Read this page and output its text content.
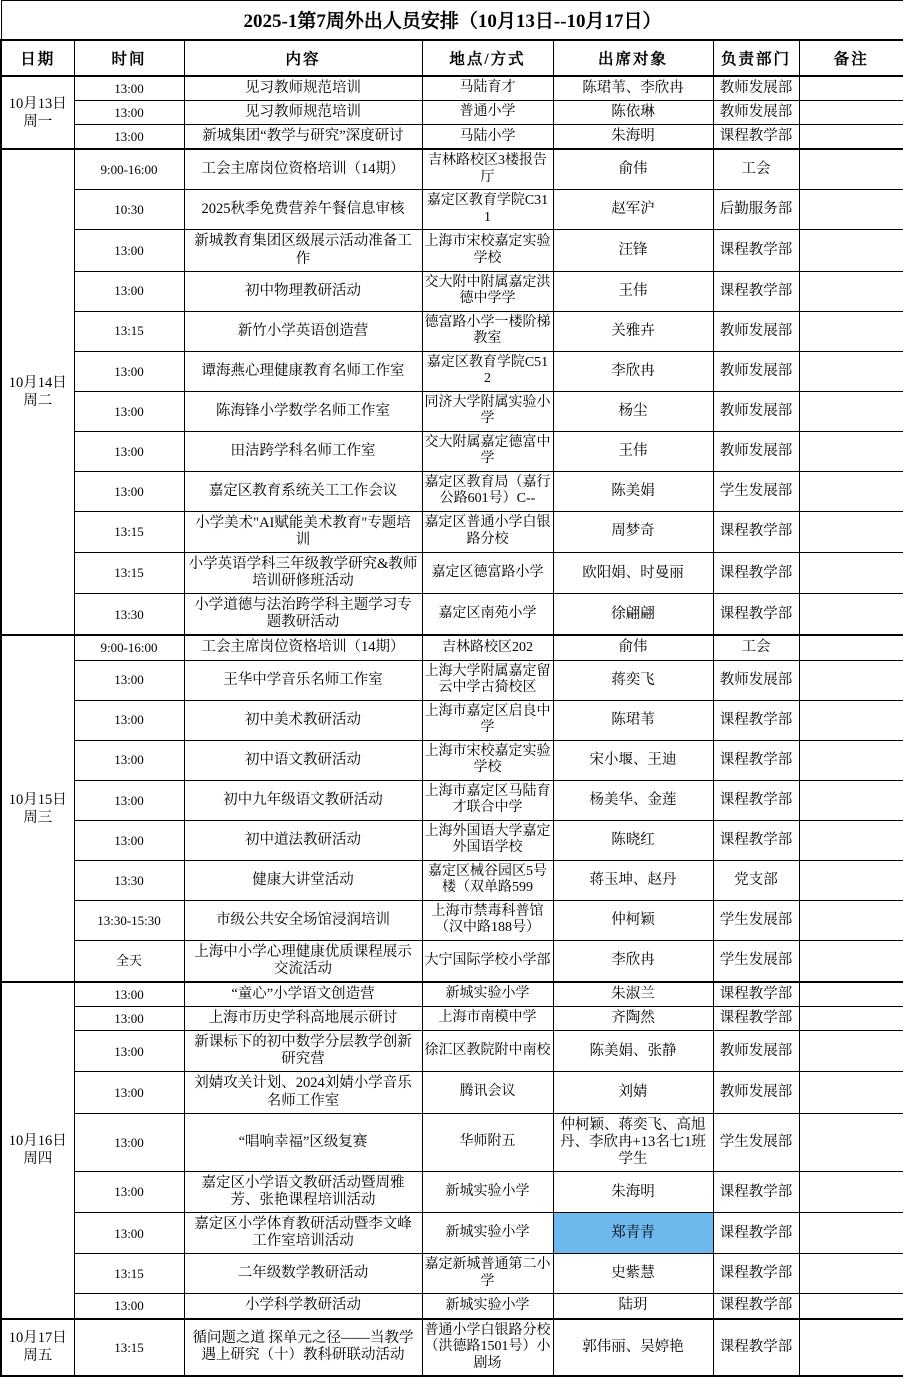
2025-1第7周外出人员安排（10月13日--10月17日）						
日期	时间	内容	地点/方式	出席对象	负责部门	备注
10月13日
周一	13:00	见习教师规范培训	马陆育才	陈珺苇、李欣冉	教师发展部	
	13:00	见习教师规范培训	普通小学	陈依琳	教师发展部	
	13:00	新城集团“教学与研究”深度研讨	马陆小学	朱海明	课程教学部	
10月14日
周二	9:00-16:00	工会主席岗位资格培训（14期）	吉林路校区3楼报告厅	俞伟	工会	
	10:30	2025秋季免费营养午餐信息审核	嘉定区教育学院C311	赵军沪	后勤服务部	
	13:00	新城教育集团区级展示活动准备工作	上海市宋校嘉定实验学校	汪锋	课程教学部	
	13:00	初中物理教研活动	交大附中附属嘉定洪德中学学	王伟	课程教学部	
	13:15	新竹小学英语创造营	德富路小学一楼阶梯教室	关雅卉	教师发展部	
	13:00	谭海燕心理健康教育名师工作室	嘉定区教育学院C512	李欣冉	教师发展部	
	13:00	陈海锋小学数学名师工作室	同济大学附属实验小学	杨尘	教师发展部	
	13:00	田洁跨学科名师工作室	交大附属嘉定德富中学	王伟	教师发展部	
	13:00	嘉定区教育系统关工工作会议	嘉定区教育局（嘉行公路601号）C--	陈美娟	学生发展部	
	13:15	小学美术"AI赋能美术教育"专题培训	嘉定区普通小学白银路分校	周梦奇	课程教学部	
	13:15	小学英语学科三年级教学研究&教师培训研修班活动	嘉定区德富路小学	欧阳娟、时曼丽	课程教学部	
	13:30	小学道德与法治跨学科主题学习专题教研活动	嘉定区南苑小学	徐翩翩	课程教学部	
10月15日
周三	9:00-16:00	工会主席岗位资格培训（14期）	吉林路校区202	俞伟	工会	
	13:00	王华中学音乐名师工作室	上海大学附属嘉定留云中学古猗校区	蒋奕飞	教师发展部	
	13:00	初中美术教研活动	上海市嘉定区启良中学	陈珺苇	课程教学部	
	13:00	初中语文教研活动	上海市宋校嘉定实验学校	宋小堰、王迪	课程教学部	
	13:00	初中九年级语文教研活动	上海市嘉定区马陆育才联合中学	杨美华、金莲	课程教学部	
	13:00	初中道法教研活动	上海外国语大学嘉定外国语学校	陈晓红	课程教学部	
	13:30	健康大讲堂活动	嘉定区械谷园区5号楼（双单路599	蒋玉坤、赵丹	党支部	
	13:30-15:30	市级公共安全场馆浸润培训	上海市禁毒科普馆（汉中路188号）	仲柯颖	学生发展部	
	全天	上海中小学心理健康优质课程展示交流活动	大宁国际学校小学部	李欣冉	学生发展部	
10月16日
周四	13:00	“童心”小学语文创造营	新城实验小学	朱淑兰	课程教学部	
	13:00	上海市历史学科高地展示研讨	上海市南模中学	齐陶然	课程教学部	
	13:00	新课标下的初中数学分层教学创新研究营	徐汇区教院附中南校	陈美娟、张静	教师发展部	
	13:00	刘婧攻关计划、2024刘婧小学音乐名师工作室	腾讯会议	刘婧	教师发展部	
	13:00	“唱响幸福”区级复赛	华师附五	仲柯颖、蒋奕飞、高旭丹、李欣冉+13名七1班学生	学生发展部	
	13:00	嘉定区小学语文教研活动暨周雅芳、张艳课程培训活动	新城实验小学	朱海明	课程教学部	
	13:00	嘉定区小学体育教研活动暨李文峰工作室培训活动	新城实验小学	郑青青	课程教学部	
	13:15	二年级数学教研活动	嘉定新城普通第二小学	史紫慧	课程教学部	
	13:00	小学科学教研活动	新城实验小学	陆玥	课程教学部	
10月17日
周五	13:15	循问题之道 探单元之径——当教学遇上研究（十）教科研联动活动	普通小学白银路分校（洪德路1501号）小剧场	郭伟丽、吴婷艳	课程教学部	
